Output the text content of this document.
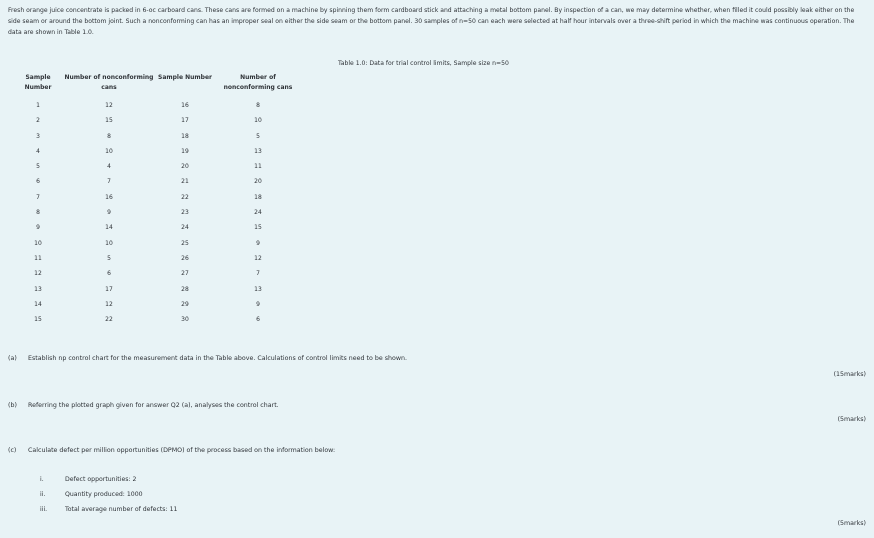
Fresh orange juice concentrate is packed in 6-oc carboard cans. These cans are formed on a machine by spinning them form cardboard stick and attaching a metal bottom panel. By inspection of a can, we may determine whether, when filled it could possibly leak either on the side seam or around the bottom joint. Such a nonconforming can has an improper seal on either the side seam or the bottom panel. 30 samples of n=50 can each were selected at half hour intervals over a three-shift period in which the machine was continuous operation. The data are shown in Table 1.0.
Table 1.0: Data for trial control limits, Sample size n=50
Sample Number	Number of nonconforming cans	Sample Number	Number of nonconforming cans
1	12	16	8
2	15	17	10
3	8	18	5
4	10	19	13
5	4	20	11
6	7	21	20
7	16	22	18
8	9	23	24
9	14	24	15
10	10	25	9
11	5	26	12
12	6	27	7
13	17	28	13
14	12	29	9
15	22	30	6
(a) Establish np control chart for the measurement data in the Table above. Calculations of control limits need to be shown.
(15marks)
(b) Referring the plotted graph given for answer Q2 (a), analyses the control chart.
(5marks)
(c) Calculate defect per million opportunities (DPMO) of the process based on the information below:
i.	Defect opportunities: 2
ii.	Quantity produced: 1000
iii.	Total average number of defects: 11
(5marks)
